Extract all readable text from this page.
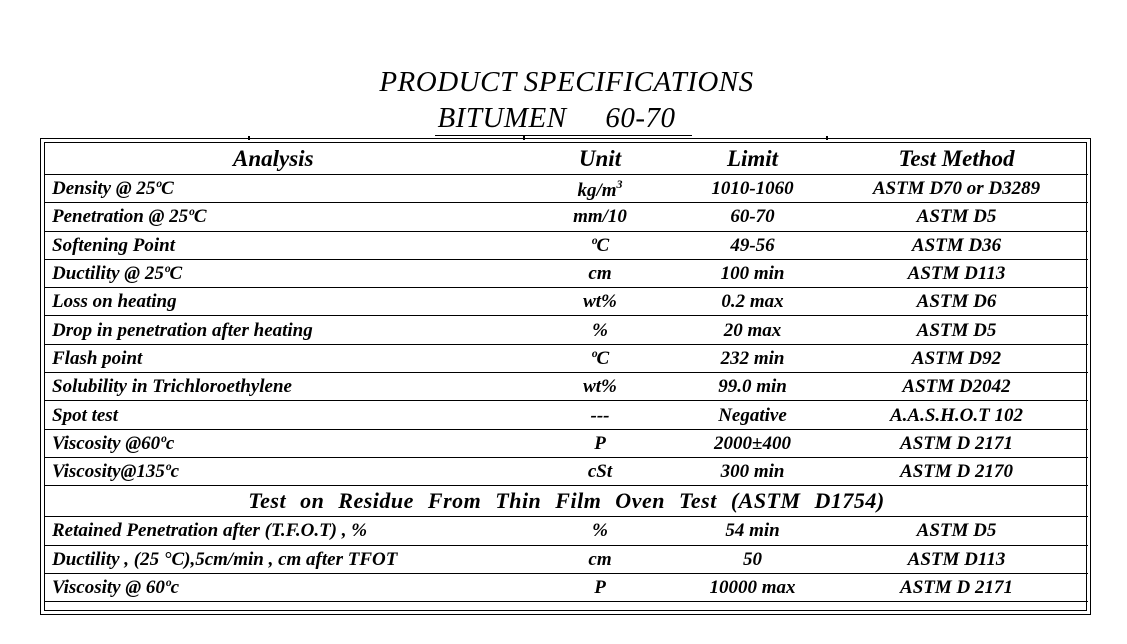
PRODUCT SPECIFICATIONS
BITUMEN     60-70
Analysis	Unit	Limit	Test Method
Density @ 25ºC	$kg/m^3$	1010-1060	ASTM D70 or D3289
Penetration @ 25ºC	mm/10	60-70	ASTM D5
Softening Point	ºC	49-56	ASTM D36
Ductility @ 25ºC	cm	100 min	ASTM D113
Loss on heating	wt%	0.2 max	ASTM D6
Drop in penetration after heating	%	20 max	ASTM D5
Flash point	ºC	232 min	ASTM D92
Solubility in Trichloroethylene	wt%	99.0 min	ASTM D2042
Spot test	---	Negative	A.A.S.H.O.T 102
Viscosity @60ºc	P	2000±400	ASTM D 2171
Viscosity@135ºc	cSt	300 min	ASTM D 2170
Test on Residue From Thin Film Oven Test (ASTM D1754)			
Retained Penetration after (T.F.O.T) , %	%	54 min	ASTM D5
Ductility , (25 °C),5cm/min , cm after TFOT	cm	50	ASTM D113
Viscosity @ 60ºc	P	10000 max	ASTM D 2171
